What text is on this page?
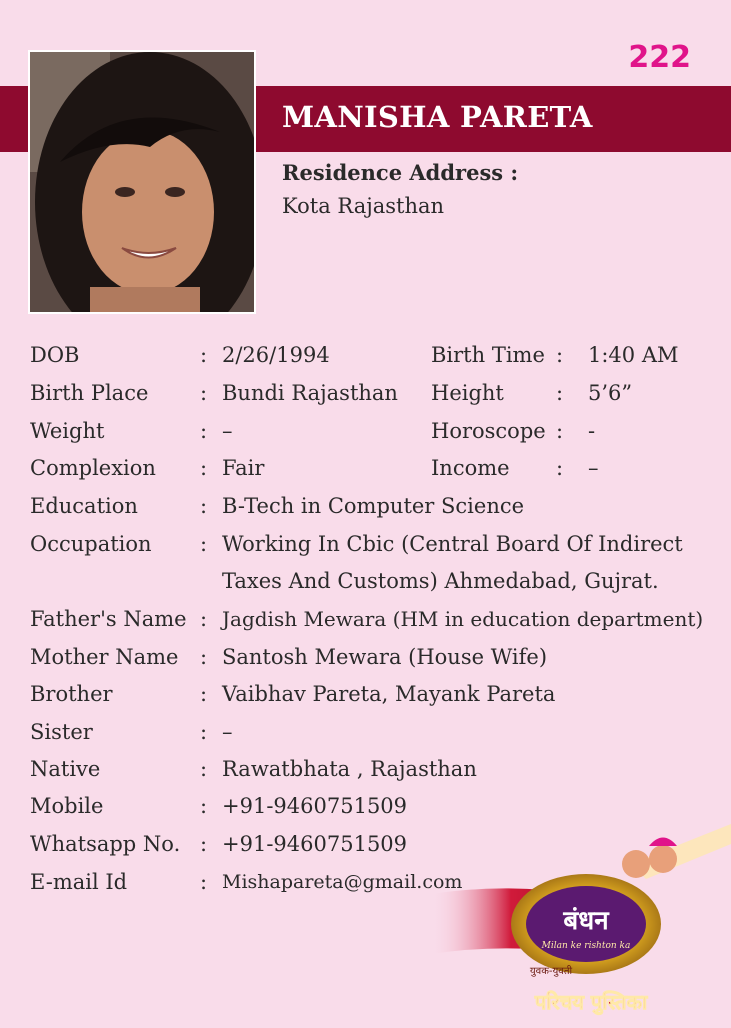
222
MANISHA PARETA
Residence Address :
Kota Rajasthan
DOB	: 2/26/1994	Birth Time : 1:40 AM
Birth Place : Bundi Rajasthan Height : 5’6”
Weight	: –	Horoscope : -
Complexion : Fair	Income : –
Education	: B-Tech in Computer Science
Occupation : Working In Cbic (Central Board Of Indirect
Taxes And Customs) Ahmedabad, Gujrat.
Father's Name : Jagdish Mewara (HM in education department)
Mother Name : Santosh Mewara (House Wife)
Brother	: Vaibhav Pareta, Mayank Pareta
Sister	: –
Native	: Rawatbhata , Rajasthan
Mobile	: +91-9460751509
Whatsapp No. : +91-9460751509
E-mail Id	: Mishapareta@gmail.com
बंधन
Milan ke rishton ka
युवक-युवती
परिचय पुस्तिका
